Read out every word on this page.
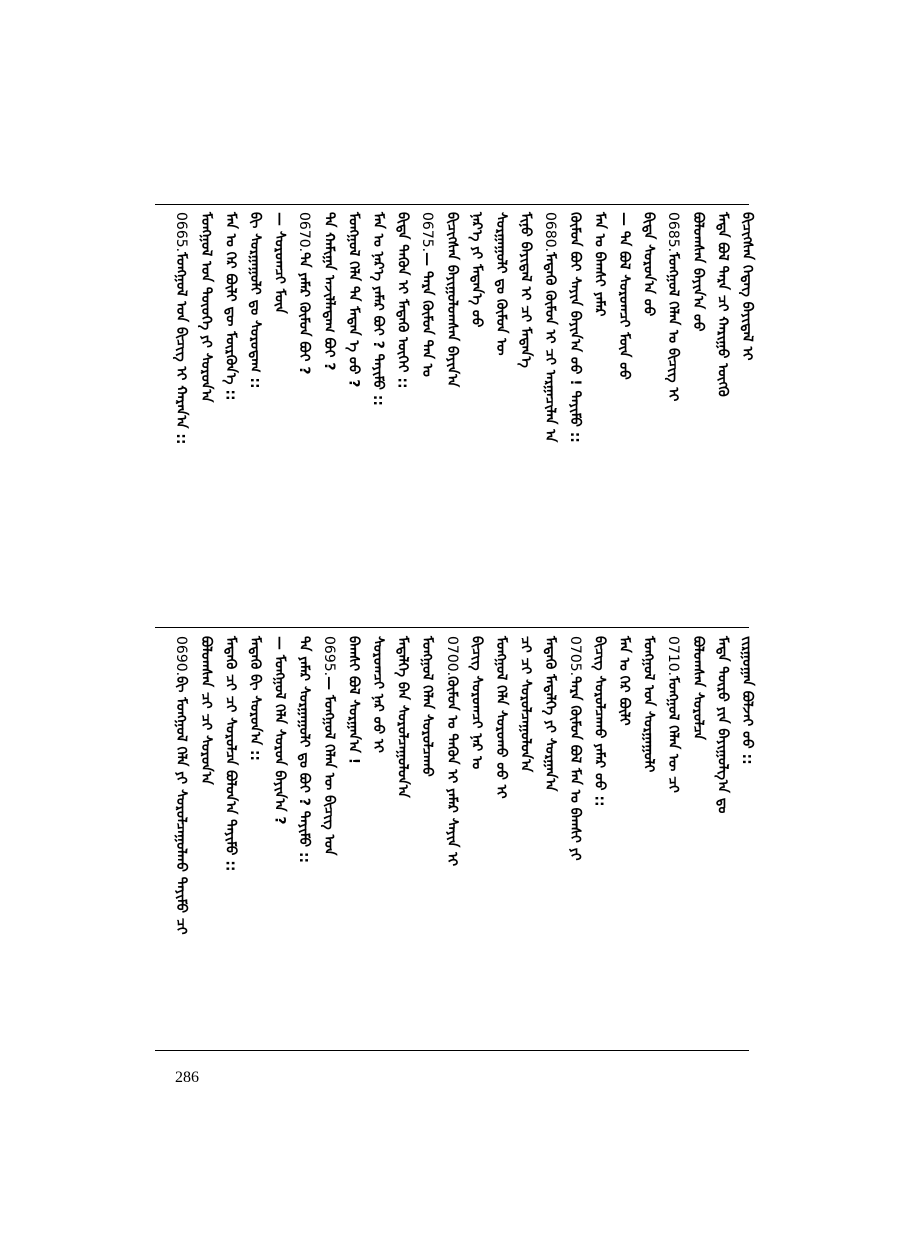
ᠪᠢᠴᠢᠭᠰᠡᠨ ᠭᠡᠳᠡᠭ ᠪᠠᠶᠢᠳᠠᠯ ᠢ
ᠮᠡᠳᠡ ᠪᠣᠯ ᠲᠡᠷᠡ ᠴᠢ ᠬᠠᠷᠢᠭᠤ ᠦᠭᠭᠦ
ᠪᠣᠯᠤᠭᠰᠠᠨ ᠪᠠᠶᠢᠨ᠎ᠠ ᠤᠤ
0685.ᠮᠣᠩᠭᠣᠯ ᠬᠡᠯᠡᠨ ᠤ ᠪᠢᠴᠢᠭ ᠢ
ᠪᠢᠳᠡ ᠰᠤᠷᠤᠨ᠎ᠠ ᠤᠤ
— ᠲᠡ ᠪᠣᠯ ᠰᠤᠷᠤᠭᠴᠢ ᠮᠥᠨ ᠦᠦ
ᠮᠠᠨ ᠤ ᠪᠠᠭᠰᠢ ᠶᠠᠮᠠᠷ
ᠬᠦᠮᠦᠨ ᠪᠤᠢ ᠰᠠᠶᠢᠨ ᠪᠠᠶᠢᠨ᠎ᠠ ᠤᠤ ! ᠲᠡᠶᠢᠮᠦ ::
0680.ᠮᠡᠳᠡᠬᠦ ᠬᠦᠮᠦᠨ ᠢ ᠴᠢ ᠠᠷᠭᠠᠴᠢᠯᠠᠨ ᠠ
ᠮᠢᠨᠦ ᠪᠠᠶᠢᠳᠠᠯ ᠢ ᠴᠢ ᠮᠡᠳᠡᠨ᠎ᠡ
ᠰᠤᠷᠭᠠᠭᠤᠯᠢ ᠳᠤ ᠬᠦᠮᠦᠨ ᠦ
ᠨᠡᠷ᠎ᠡ ᠶᠢ ᠮᠡᠳᠡᠨ᠎ᠡ ᠦᠦ
ᠪᠢᠴᠢᠭᠰᠡᠨ ᠪᠠᠶᠢᠭᠤᠯᠤᠭᠰᠠᠨ ᠪᠠᠶᠢᠨ᠎ᠠ
0675.— ᠲᠡᠷᠡ ᠬᠦᠮᠦᠨ ᠲᠠᠨ ᠤ
ᠪᠢᠳᠡ ᠲᠡᠭᠦᠨ ᠢ ᠮᠡᠳᠡᠬᠦ ᠦᠭᠡᠢ ::
ᠮᠠᠨ ᠤ ᠨᠡᠷ᠎ᠡ ᠶᠠᠮᠠᠷ ᠪᠤᠢ ? ᠲᠡᠶᠢᠮᠦ ::
ᠮᠣᠩᠭᠣᠯ ᠬᠡᠯᠡ ᠲᠡ ᠮᠡᠳᠡᠨ ᠡ ᠦᠦ ?
ᠲᠠ ᠬᠠᠮᠢᠭᠠ ᠠᠵᠢᠯᠯᠠᠳᠠᠭ ᠪᠤᠢ ?
0670.ᠲᠡ ᠶᠠᠮᠠᠷ ᠬᠦᠮᠦᠨ ᠪᠤᠢ ?
— ᠰᠤᠷᠤᠭᠴᠢ ᠮᠥᠨ
ᠪᠢ ᠰᠤᠷᠭᠠᠭᠤᠯᠢ ᠳᠤ ᠰᠤᠷᠤᠳᠠᠭ ::
ᠮᠠᠨ ᠤ ᠭᠡᠷ ᠪᠦᠯᠢ ᠳᠦ ᠮᠥᠷᠭᠦᠨ᠎ᠡ ::
ᠮᠣᠩᠭᠣᠯ ᠤᠨ ᠲᠦᠦᠬᠡ ᠶᠢ ᠰᠤᠷᠤᠨ᠎ᠠ
0665.ᠮᠣᠩᠭᠣᠯ ᠤᠨ ᠪᠢᠴᠢᠭ ᠢ ᠬᠠᠷᠠᠨ᠎ᠠ ::
ᠵᠢᠷᠭᠤᠭᠠᠨ ᠪᠣᠯᠵᠠᠢ ᠤᠤ ::
ᠮᠡᠳᠡ ᠲᠦᠷᠦ ᠶᠢᠨ ᠪᠠᠶᠢᠭᠤᠯᠭ᠎ᠠ ᠳᠤ
ᠪᠣᠯᠤᠭᠰᠠᠨ ᠰᠤᠷᠤᠯᠴᠠ
0710.ᠮᠣᠩᠭᠣᠯ ᠬᠡᠯᠡᠨ ᠦ ᠴᠢ
ᠮᠣᠩᠭᠣᠯ ᠤᠨ ᠰᠤᠷᠭᠠᠭᠤᠯᠢ
ᠮᠠᠨ ᠤ ᠭᠡᠷ ᠪᠦᠯᠢ
ᠪᠢᠴᠢᠭ ᠰᠤᠷᠤᠯᠴᠠᠬᠤ ᠶᠠᠮᠠᠷ ᠤᠤ ::
0705.ᠲᠡᠷᠡ ᠬᠦᠮᠦᠨ ᠪᠣᠯ ᠮᠠᠨ ᠤ ᠪᠠᠭᠰᠢ ᠶᠢ
ᠮᠡᠳᠡᠬᠦ ᠮᠡᠳᠡᠯᠭᠡ ᠶᠢ ᠰᠤᠷᠭᠠᠨ᠎ᠠ
ᠴᠢ ᠴᠢ ᠰᠤᠷᠤᠯᠴᠠᠭᠤᠯᠤᠨ᠎ᠠ
ᠮᠣᠩᠭᠣᠯ ᠬᠡᠯᠡ ᠰᠤᠷᠤᠬᠤ ᠤᠤ ᠢ
ᠪᠢᠴᠢᠭ ᠰᠤᠷᠤᠭᠴᠢ ᠨᠠᠷ ᠤ
0700.ᠬᠦᠮᠦᠨ ᠤ ᠲᠡᠭᠦᠨ ᠢ ᠶᠠᠮᠠᠷ ᠰᠠᠶᠢᠨ ᠢ
ᠮᠣᠩᠭᠣᠯ ᠬᠡᠯᠡᠨ ᠰᠤᠷᠤᠯᠴᠠᠬᠤ
ᠮᠡᠳᠡᠯᠭᠡ ᠪᠡᠨ ᠰᠤᠷᠤᠯᠴᠠᠭᠤᠯᠤᠨ᠎ᠠ
ᠰᠤᠷᠤᠭᠴᠢ ᠨᠠᠷ ᠤᠤ ᠢ
ᠪᠠᠭᠰᠢ ᠪᠣᠯ ᠰᠤᠷᠭᠠᠨ᠎ᠠ !
0695.— ᠮᠣᠩᠭᠣᠯ ᠬᠡᠯᠡᠨ ᠦ ᠪᠢᠴᠢᠭ ᠤᠨ
ᠲᠠ ᠶᠠᠮᠠᠷ ᠰᠤᠷᠭᠠᠭᠤᠯᠢ ᠳᠤ ᠪᠤᠢ ? ᠲᠡᠶᠢᠮᠦ ::
— ᠮᠣᠩᠭᠣᠯ ᠬᠡᠯᠡ ᠰᠤᠷᠤᠨ ᠪᠠᠶᠢᠨ᠎ᠠ ?
ᠮᠡᠳᠡᠬᠦ ᠪᠢ ᠰᠤᠷᠤᠨ᠎ᠠ ::
ᠮᠡᠳᠡᠬᠦ ᠴᠢ ᠴᠢ ᠰᠤᠷᠤᠯᠴᠠ ᠪᠣᠯᠤᠨ᠎ᠠ ᠲᠡᠶᠢᠮᠦ ::
ᠪᠣᠯᠤᠭᠰᠠᠨ ᠴᠢ ᠴᠢ ᠰᠤᠷᠤᠨ᠎ᠠ
0690.ᠪᠢ ᠮᠣᠩᠭᠣᠯ ᠬᠡᠯᠡ ᠶᠢ ᠰᠤᠷᠤᠯᠴᠠᠭᠤᠯᠬᠤ ᠲᠡᠶᠢᠮᠦ ᠴᠢ
286
